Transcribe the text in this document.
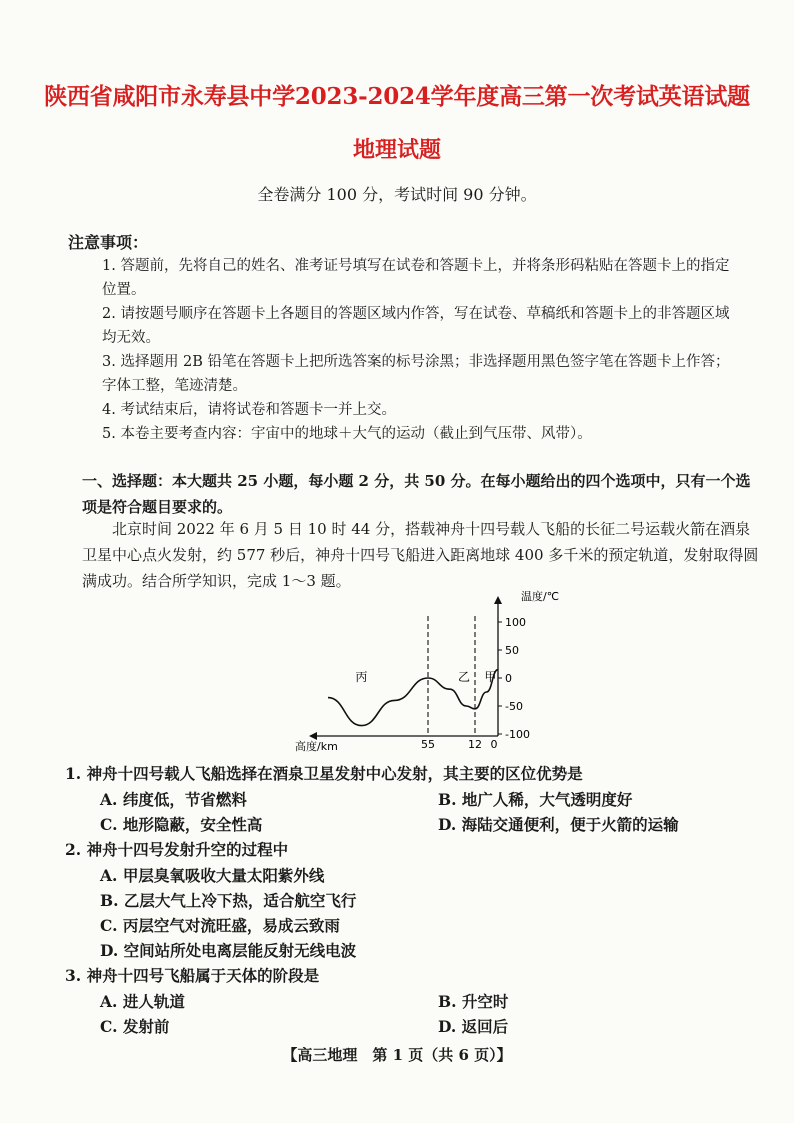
陕西省咸阳市永寿县中学2023-2024学年度高三第一次考试英语试题
地理试题
全卷满分 100 分，考试时间 90 分钟。
注意事项：
1. 答题前，先将自己的姓名、准考证号填写在试卷和答题卡上，并将条形码粘贴在答题卡上的指定位置。
2. 请按题号顺序在答题卡上各题目的答题区域内作答，写在试卷、草稿纸和答题卡上的非答题区域均无效。
3. 选择题用 2B 铅笔在答题卡上把所选答案的标号涂黑；非选择题用黑色签字笔在答题卡上作答；字体工整，笔迹清楚。
4. 考试结束后，请将试卷和答题卡一并上交。
5. 本卷主要考查内容：宇宙中的地球＋大气的运动（截止到气压带、风带）。
一、选择题：本大题共 25 小题，每小题 2 分，共 50 分。在每小题给出的四个选项中，只有一个选项是符合题目要求的。
北京时间 2022 年 6 月 5 日 10 时 44 分，搭载神舟十四号载人飞船的长征二号运载火箭在酒泉卫星中心点火发射，约 577 秒后，神舟十四号飞船进入距离地球 400 多千米的预定轨道，发射取得圆满成功。结合所学知识，完成 1～3 题。
温度/℃
高度/km
100
50
0
-50
-100
55	12 0
丙	乙 甲
1. 神舟十四号载人飞船选择在酒泉卫星发射中心发射，其主要的区位优势是
A. 纬度低，节省燃料	B. 地广人稀，大气透明度好
C. 地形隐蔽，安全性高	D. 海陆交通便利，便于火箭的运输
2. 神舟十四号发射升空的过程中
A. 甲层臭氧吸收大量太阳紫外线
B. 乙层大气上冷下热，适合航空飞行
C. 丙层空气对流旺盛，易成云致雨
D. 空间站所处电离层能反射无线电波
3. 神舟十四号飞船属于天体的阶段是
A. 进人轨道	B. 升空时
C. 发射前	D. 返回后
【高三地理　第 1 页（共 6 页）】
